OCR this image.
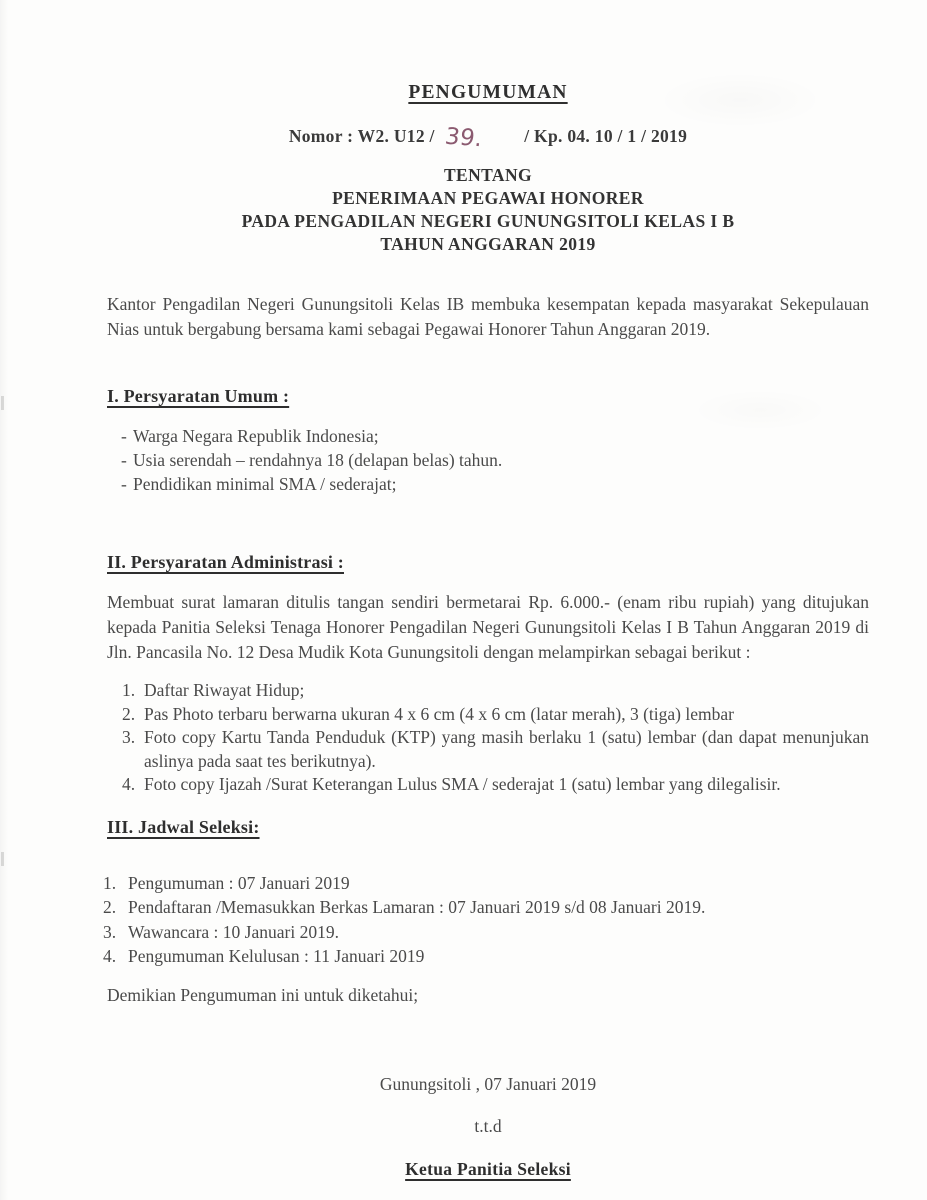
PENGUMUMAN
Nomor : W2. U12 / 39. / Kp. 04. 10 / 1 / 2019
TENTANG
PENERIMAAN PEGAWAI HONORER
PADA PENGADILAN NEGERI GUNUNGSITOLI KELAS I B
TAHUN ANGGARAN 2019

Kantor Pengadilan Negeri Gunungsitoli Kelas IB membuka kesempatan kepada masyarakat Sekepulauan Nias untuk bergabung bersama kami sebagai Pegawai Honorer Tahun Anggaran 2019.

I. Persyaratan Umum :
- Warga Negara Republik Indonesia;
- Usia serendah – rendahnya 18 (delapan belas) tahun.
- Pendidikan minimal SMA / sederajat;
II. Persyaratan Administrasi :

Membuat surat lamaran ditulis tangan sendiri bermetarai Rp. 6.000.- (enam ribu rupiah) yang ditujukan kepada Panitia Seleksi Tenaga Honorer Pengadilan Negeri Gunungsitoli Kelas I B Tahun Anggaran 2019 di Jln. Pancasila No. 12 Desa Mudik Kota Gunungsitoli dengan melampirkan sebagai berikut :

1. Daftar Riwayat Hidup;
2. Pas Photo terbaru berwarna ukuran 4 x 6 cm (4 x 6 cm (latar merah), 3 (tiga) lembar
3. Foto copy Kartu Tanda Penduduk (KTP) yang masih berlaku 1 (satu) lembar (dan dapat menunjukan aslinya pada saat tes berikutnya).
4. Foto copy Ijazah /Surat Keterangan Lulus SMA / sederajat 1 (satu) lembar yang dilegalisir.
III. Jadwal Seleksi:
1. Pengumuman : 07 Januari 2019
2. Pendaftaran /Memasukkan Berkas Lamaran : 07 Januari 2019 s/d 08 Januari 2019.
3. Wawancara : 10 Januari 2019.
4. Pengumuman Kelulusan : 11 Januari 2019

Demikian Pengumuman ini untuk diketahui;

Gunungsitoli , 07 Januari 2019
t.t.d
Ketua Panitia Seleksi
